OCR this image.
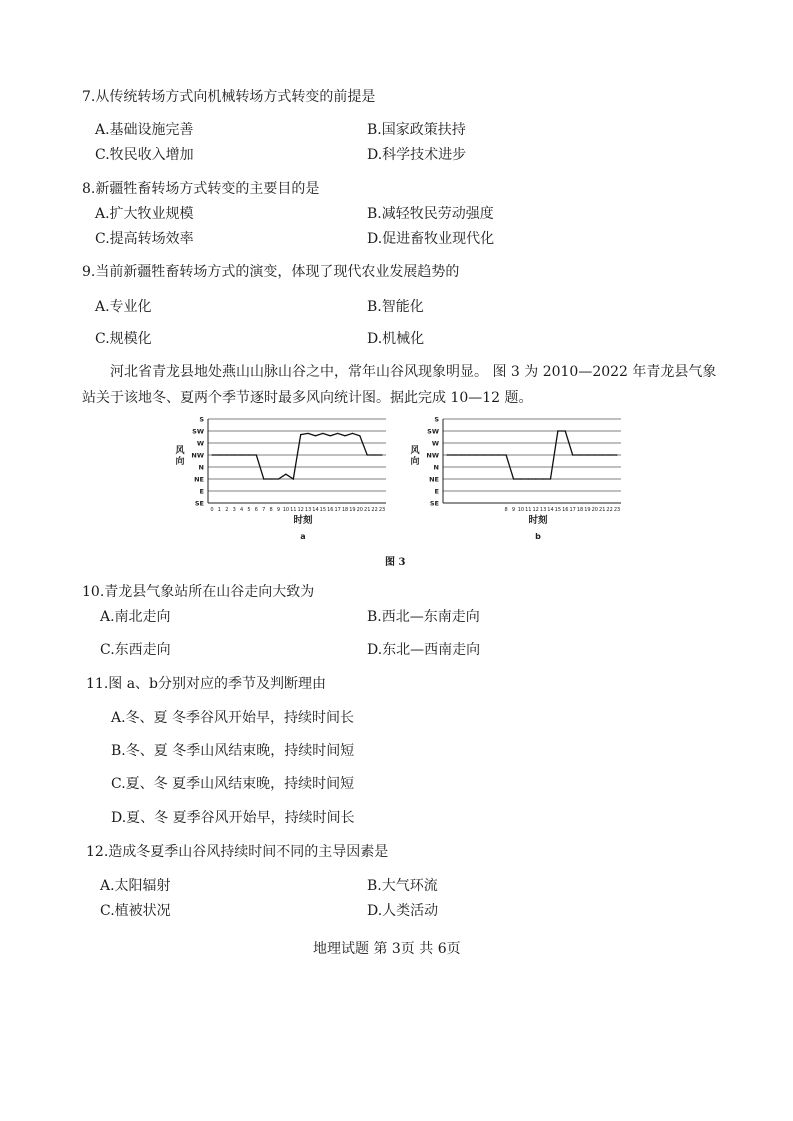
7.从传统转场方式向机械转场方式转变的前提是
A.基础设施完善	B.国家政策扶持
C.牧民收入增加	D.科学技术进步
8.新疆牲畜转场方式转变的主要目的是
A.扩大牧业规模	B.减轻牧民劳动强度
C.提高转场效率	D.促进畜牧业现代化
9.当前新疆牲畜转场方式的演变，体现了现代农业发展趋势的
A.专业化	B.智能化
C.规模化	D.机械化
河北省青龙县地处燕山山脉山谷之中，常年山谷风现象明显。 图 3 为 2010—2022 年青龙县气象站关于该地冬、夏两个季节逐时最多风向统计图。据此完成 10—12 题。
S
SW
W
NW
N
NE
E
SE
0 1 2 3 4 5 6 7 8 9 10 11 12 13 14 15 16 17 18 19 20 21 22 23
风
向
时刻
a
S
SW
W
NW
N
NE
E
SE
8 9 10 11 12 13 14 15 16 17 18 19 20 21 22 23
风
向
时刻
b
图 3
10.青龙县气象站所在山谷走向大致为
A.南北走向	B.西北—东南走向
C.东西走向	D.东北—西南走向
11.图 a、b分别对应的季节及判断理由
A.冬、夏 冬季谷风开始早，持续时间长
B.冬、夏 冬季山风结束晚，持续时间短
C.夏、冬 夏季山风结束晚，持续时间短
D.夏、冬 夏季谷风开始早，持续时间长
12.造成冬夏季山谷风持续时间不同的主导因素是
A.太阳辐射	B.大气环流
C.植被状况	D.人类活动
地理试题 第 3页 共 6页
